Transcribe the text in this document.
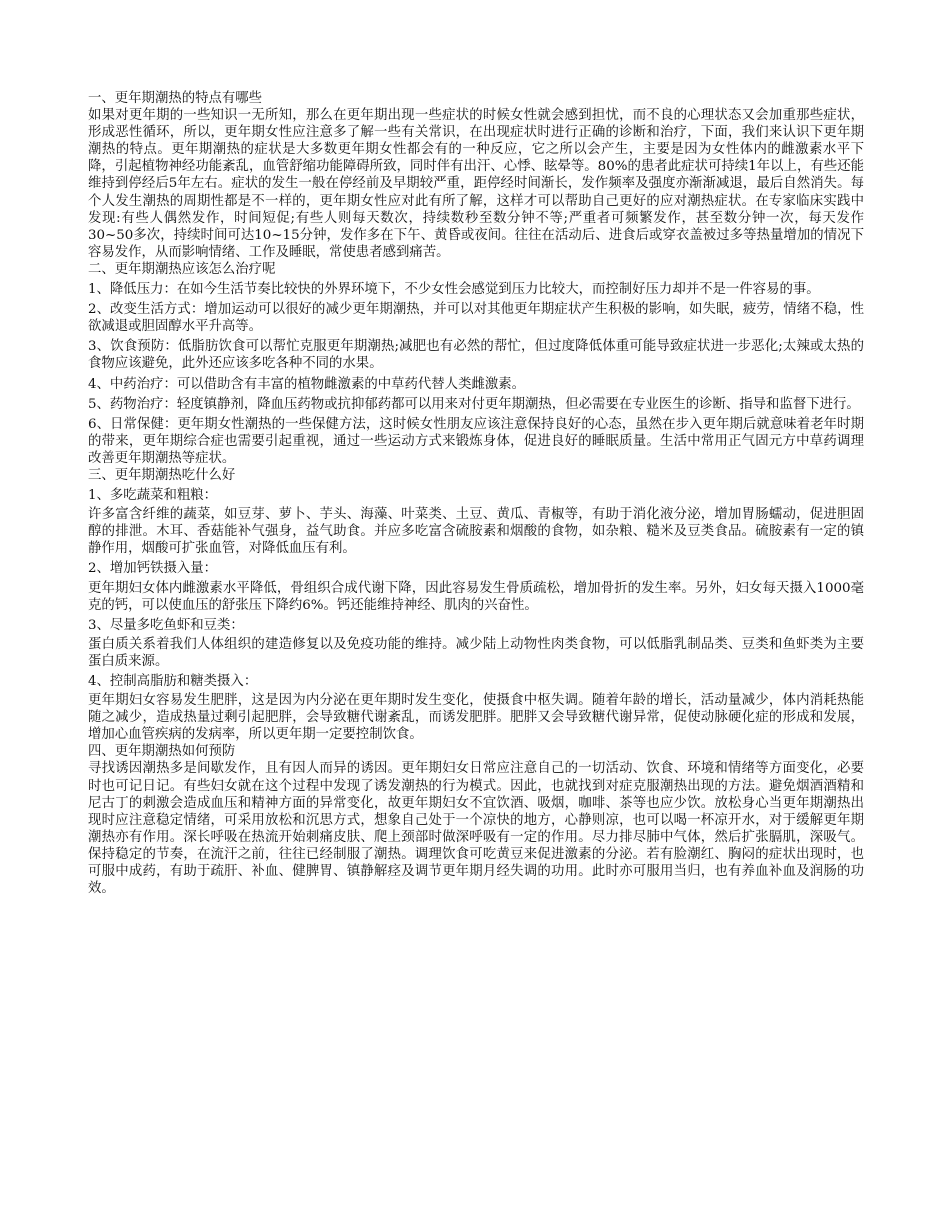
一、更年期潮热的特点有哪些

如果对更年期的一些知识一无所知，那么在更年期出现一些症状的时候女性就会感到担忧，而不良的心理状态又会加重那些症状，形成恶性循环，所以，更年期女性应注意多了解一些有关常识，在出现症状时进行正确的诊断和治疗，下面，我们来认识下更年期潮热的特点。更年期潮热的症状是大多数更年期女性都会有的一种反应，它之所以会产生，主要是因为女性体内的雌激素水平下降，引起植物神经功能紊乱，血管舒缩功能障碍所致，同时伴有出汗、心悸、眩晕等。80%的患者此症状可持续1年以上，有些还能维持到停经后5年左右。症状的发生一般在停经前及早期较严重，距停经时间渐长，发作频率及强度亦渐渐减退，最后自然消失。每个人发生潮热的周期性都是不一样的，更年期女性应对此有所了解，这样才可以帮助自己更好的应对潮热症状。在专家临床实践中发现:有些人偶然发作，时间短促;有些人则每天数次，持续数秒至数分钟不等;严重者可频繁发作，甚至数分钟一次，每天发作30~50多次，持续时间可达10~15分钟，发作多在下午、黄昏或夜间。往往在活动后、进食后或穿衣盖被过多等热量增加的情况下容易发作，从而影响情绪、工作及睡眠，常使患者感到痛苦。

二、更年期潮热应该怎么治疗呢

1、降低压力：在如今生活节奏比较快的外界环境下，不少女性会感觉到压力比较大，而控制好压力却并不是一件容易的事。

2、改变生活方式：增加运动可以很好的减少更年期潮热，并可以对其他更年期症状产生积极的影响，如失眠，疲劳，情绪不稳，性欲减退或胆固醇水平升高等。

3、饮食预防：低脂肪饮食可以帮忙克服更年期潮热;减肥也有必然的帮忙，但过度降低体重可能导致症状进一步恶化;太辣或太热的食物应该避免，此外还应该多吃各种不同的水果。

4、中药治疗：可以借助含有丰富的植物雌激素的中草药代替人类雌激素。

5、药物治疗：轻度镇静剂，降血压药物或抗抑郁药都可以用来对付更年期潮热，但必需要在专业医生的诊断、指导和监督下进行。

6、日常保健：更年期女性潮热的一些保健方法，这时候女性朋友应该注意保持良好的心态，虽然在步入更年期后就意味着老年时期的带来，更年期综合症也需要引起重视，通过一些运动方式来锻炼身体，促进良好的睡眠质量。生活中常用正气固元方中草药调理改善更年期潮热等症状。

三、更年期潮热吃什么好
1、多吃蔬菜和粗粮：

许多富含纤维的蔬菜，如豆芽、萝卜、芋头、海藻、叶菜类、土豆、黄瓜、青椒等，有助于消化液分泌，增加胃肠蠕动，促进胆固醇的排泄。木耳、香菇能补气强身，益气助食。并应多吃富含硫胺素和烟酸的食物，如杂粮、糙米及豆类食品。硫胺素有一定的镇静作用，烟酸可扩张血管，对降低血压有利。

2、增加钙铁摄入量：

更年期妇女体内雌激素水平降低，骨组织合成代谢下降，因此容易发生骨质疏松，增加骨折的发生率。另外，妇女每天摄入1000毫克的钙，可以使血压的舒张压下降约6%。钙还能维持神经、肌肉的兴奋性。

3、尽量多吃鱼虾和豆类：

蛋白质关系着我们人体组织的建造修复以及免疫功能的维持。减少陆上动物性肉类食物，可以低脂乳制品类、豆类和鱼虾类为主要蛋白质来源。

4、控制高脂肪和糖类摄入：

更年期妇女容易发生肥胖，这是因为内分泌在更年期时发生变化，使摄食中枢失调。随着年龄的增长，活动量减少，体内消耗热能随之减少，造成热量过剩引起肥胖，会导致糖代谢紊乱，而诱发肥胖。肥胖又会导致糖代谢异常，促使动脉硬化症的形成和发展，增加心血管疾病的发病率，所以更年期一定要控制饮食。

四、更年期潮热如何预防

寻找诱因潮热多是间歇发作，且有因人而异的诱因。更年期妇女日常应注意自己的一切活动、饮食、环境和情绪等方面变化，必要时也可记日记。有些妇女就在这个过程中发现了诱发潮热的行为模式。因此，也就找到对症克服潮热出现的方法。避免烟酒酒精和尼古丁的刺激会造成血压和精神方面的异常变化，故更年期妇女不宜饮酒、吸烟，咖啡、茶等也应少饮。放松身心当更年期潮热出现时应注意稳定情绪，可采用放松和沉思方式，想象自己处于一个凉快的地方，心静则凉，也可以喝一杯凉开水，对于缓解更年期潮热亦有作用。深长呼吸在热流开始刺痛皮肤、爬上颈部时做深呼吸有一定的作用。尽力排尽肺中气体，然后扩张膈肌，深吸气。保持稳定的节奏，在流汗之前，往往已经制服了潮热。调理饮食可吃黄豆来促进激素的分泌。若有脸潮红、胸闷的症状出现时，也可服中成药，有助于疏肝、补血、健脾胃、镇静解痉及调节更年期月经失调的功用。此时亦可服用当归，也有养血补血及润肠的功效。
